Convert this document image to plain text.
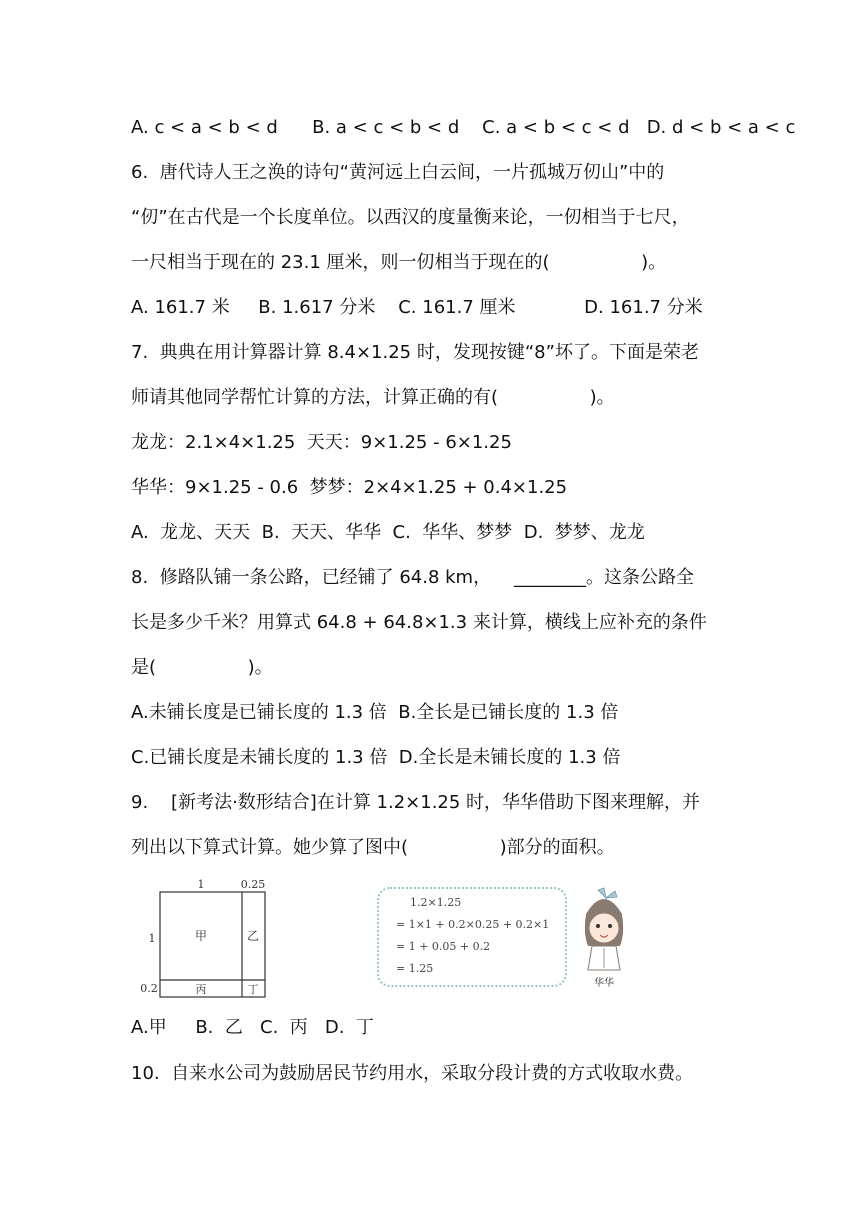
A. c < a < b < d      B. a < c < b < d    C. a < b < c < d   D. d < b < a < c
6.  唐代诗人王之涣的诗句“黄河远上白云间，一片孤城万仞山”中的
“仞”在古代是一个长度单位。以西汉的度量衡来论，一仞相当于七尺，
一尺相当于现在的 23.1 厘米，则一仞相当于现在的(                )。
A. 161.7 米     B. 1.617 分米    C. 161.7 厘米            D. 161.7 分米
7.  典典在用计算器计算 8.4×1.25 时，发现按键“8”坏了。下面是荣老
师请其他同学帮忙计算的方法，计算正确的有(                )。
龙龙：2.1×4×1.25  天天：9×1.25 - 6×1.25
华华：9×1.25 - 0.6  梦梦：2×4×1.25 + 0.4×1.25
A.  龙龙、天天  B.  天天、华华  C.  华华、梦梦  D.  梦梦、龙龙
8.  修路队铺一条公路，已经铺了 64.8 km，    ________。这条公路全
长是多少千米？用算式 64.8 + 64.8×1.3 来计算，横线上应补充的条件
是(                )。
A.未铺长度是已铺长度的 1.3 倍  B.全长是已铺长度的 1.3 倍
C.已铺长度是未铺长度的 1.3 倍  D.全长是未铺长度的 1.3 倍
9.    [新考法·数形结合]在计算 1.2×1.25 时，华华借助下图来理解，并
列出以下算式计算。她少算了图中(                )部分的面积。
1	0.25
1
0.2
甲	乙
丙	丁
1.2×1.25
= 1×1 + 0.2×0.25 + 0.2×1
= 1 + 0.05 + 0.2
= 1.25
华华
A.甲     B.  乙   C.  丙   D.  丁
10.  自来水公司为鼓励居民节约用水，采取分段计费的方式收取水费。
